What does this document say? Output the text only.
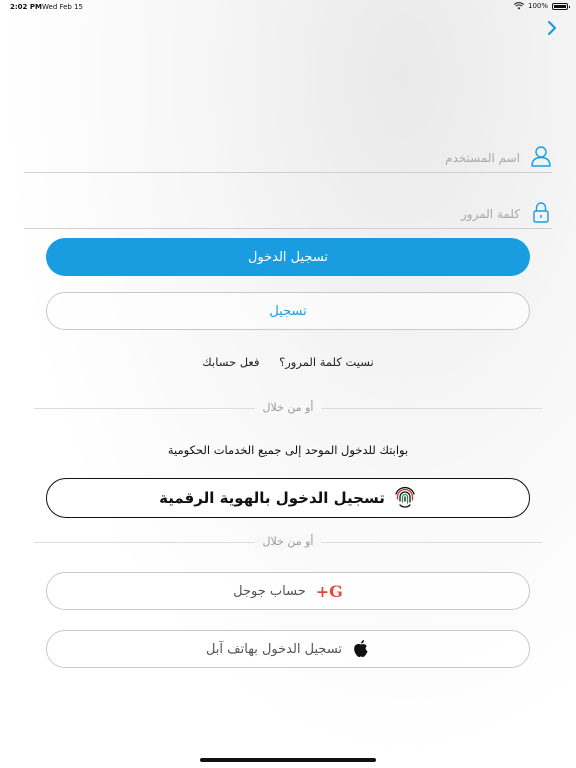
2:02 PM Wed Feb 15	100%
اسم المستخدم
تسجيل الدخول
تسجيل
نسيت كلمة المرور؟ فعل حسابك
أو من خلال
بوابتك للدخول الموحد إلى جميع الخدمات الحكومية
تسجيل الدخول بالهوية الرقمية
أو من خلال
G+
حساب جوجل
تسجيل الدخول بهاتف آبل
